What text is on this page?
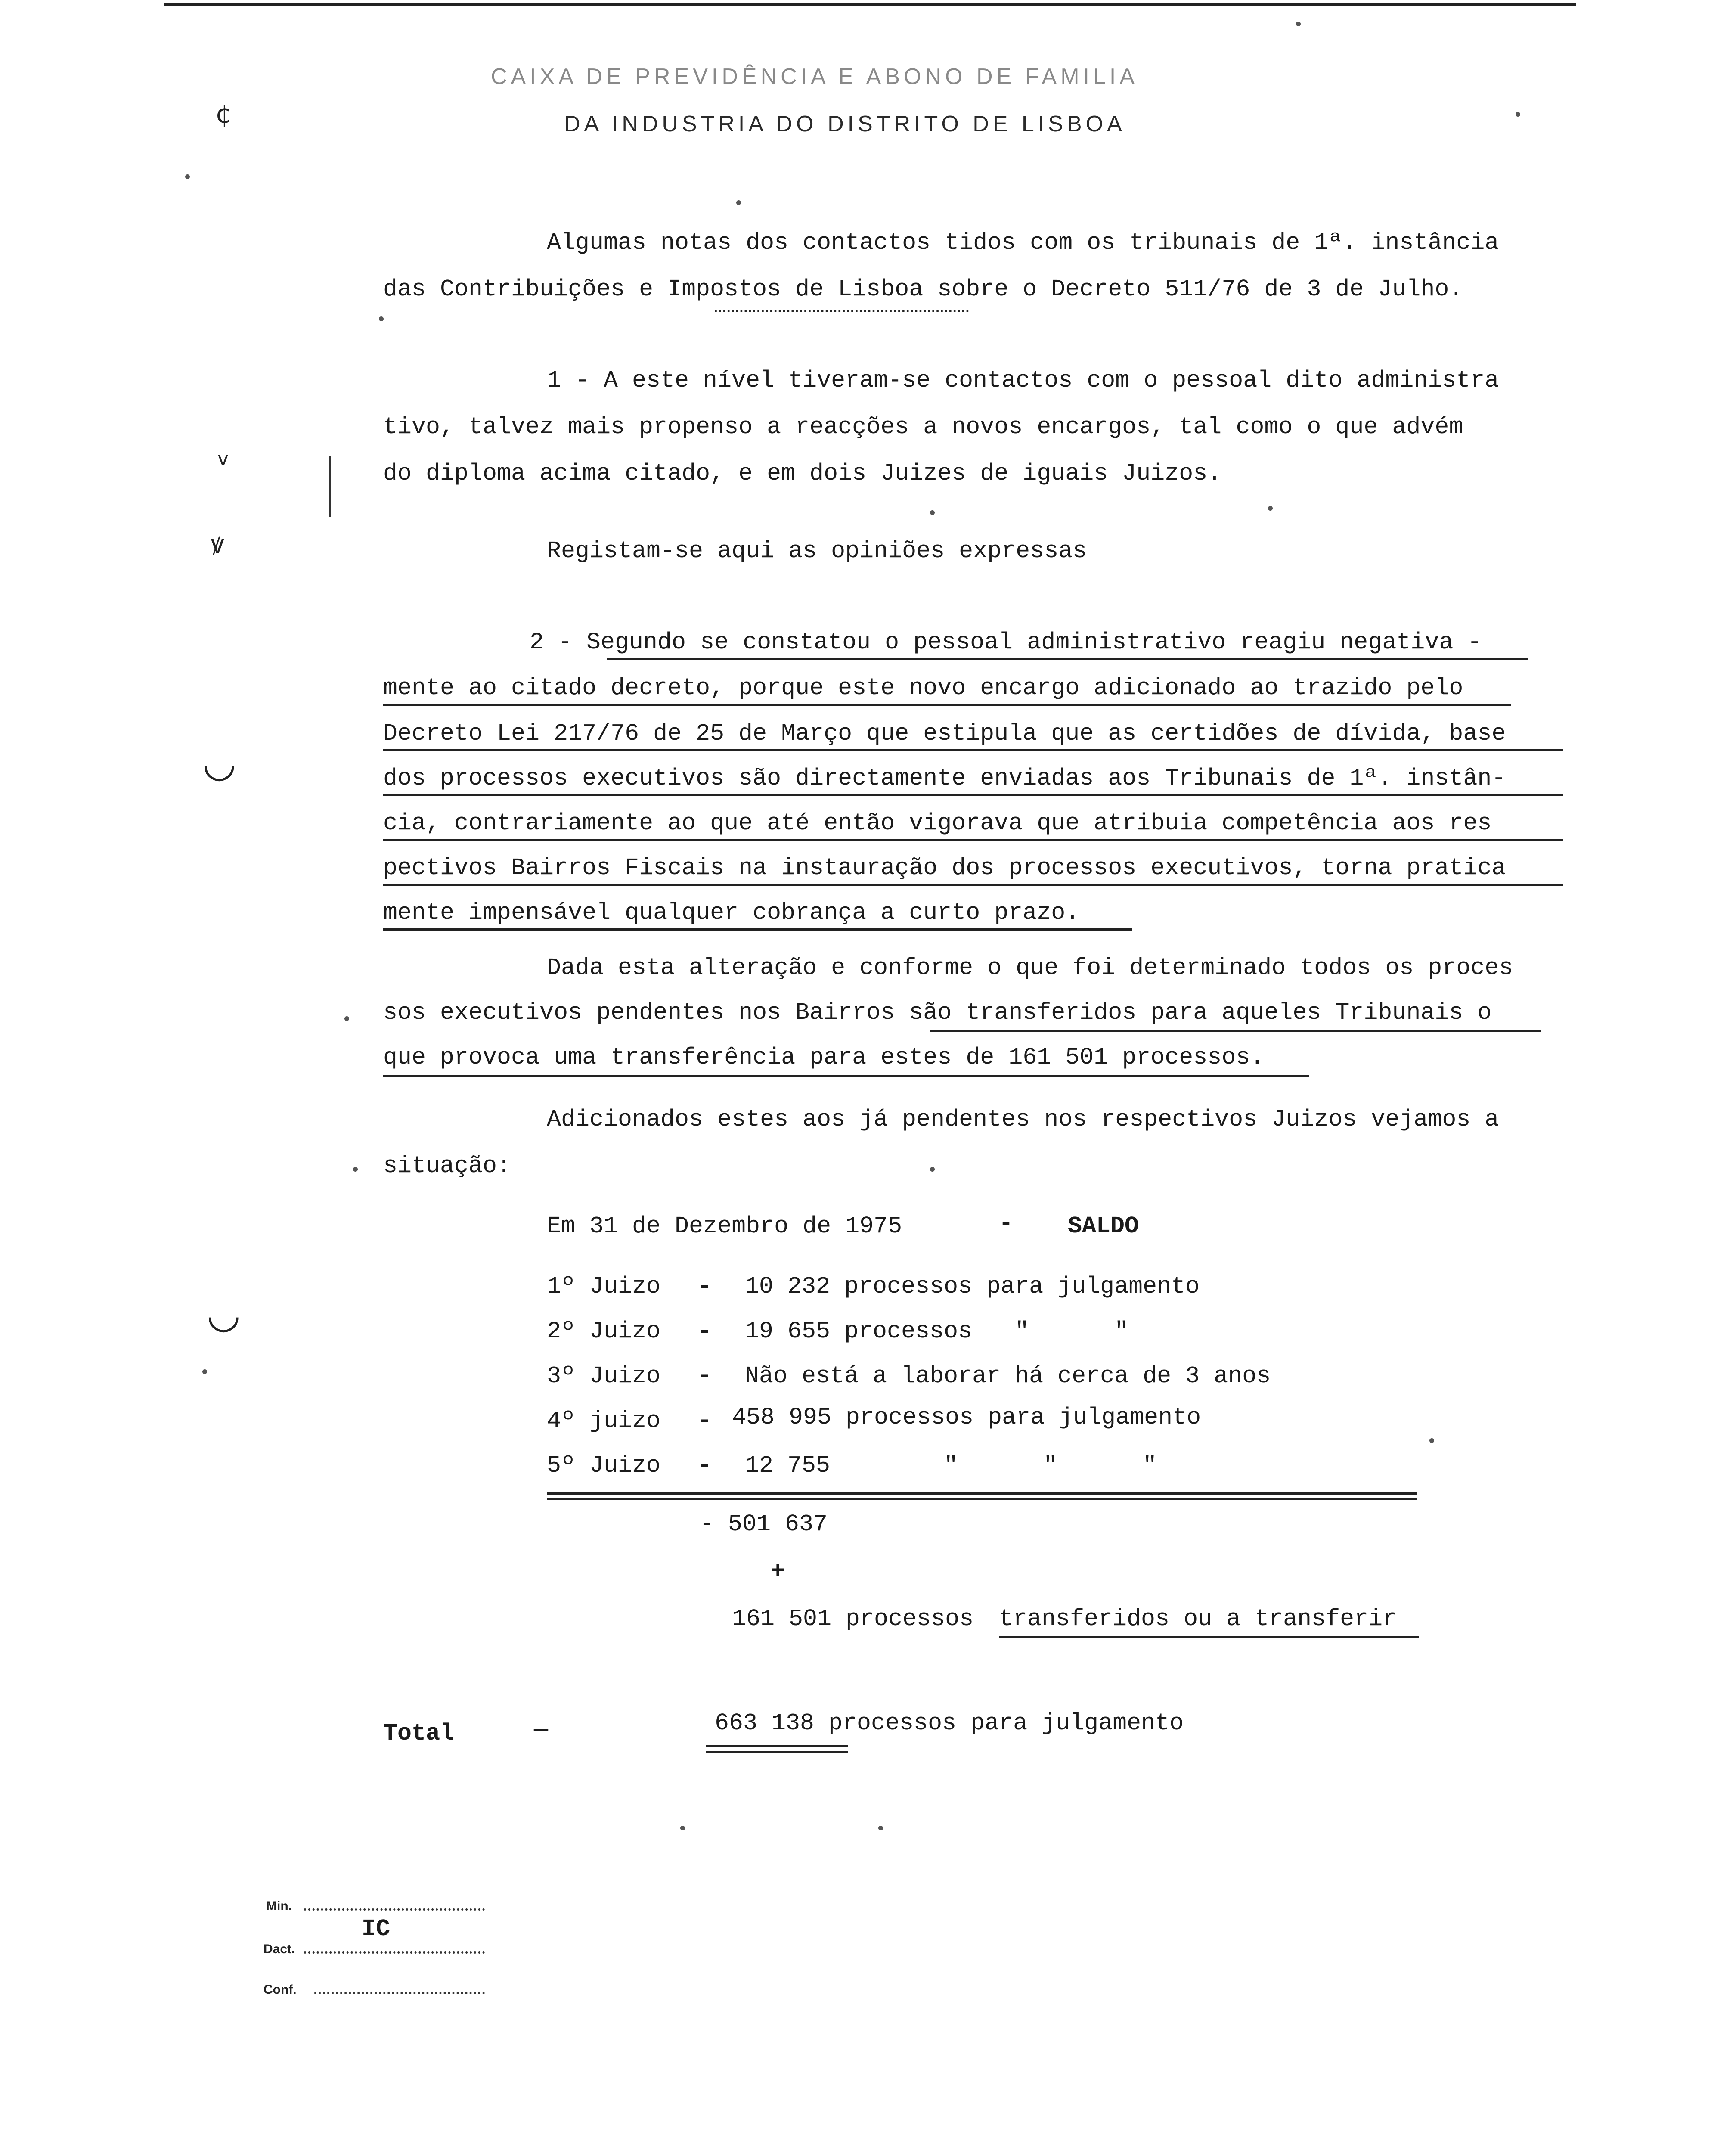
CAIXA DE PREVIDÊNCIA E ABONO DE FAMILIA
DA INDUSTRIA DO DISTRITO DE LISBOA
Algumas notas dos contactos tidos com os tribunais de 1ª. instância
das Contribuições e Impostos de Lisboa sobre o Decreto 511/76 de 3 de Julho.
1 - A este nível tiveram-se contactos com o pessoal dito administra
tivo, talvez mais propenso a reacções a novos encargos, tal como o que advém
do diploma acima citado, e em dois Juizes de iguais Juizos.
Registam-se aqui as opiniões expressas
2 - Segundo se constatou o pessoal administrativo reagiu negativa -
mente ao citado decreto, porque este novo encargo adicionado ao trazido pelo
Decreto Lei 217/76 de 25 de Março que estipula que as certidões de dívida, base
dos processos executivos são directamente enviadas aos Tribunais de 1ª. instân-
cia, contrariamente ao que até então vigorava que atribuia competência aos res
pectivos Bairros Fiscais na instauração dos processos executivos, torna pratica
mente impensável qualquer cobrança a curto prazo.
Dada esta alteração e conforme o que foi determinado todos os proces
sos executivos pendentes nos Bairros são transferidos para aqueles Tribunais o
que provoca uma transferência para estes de 161 501 processos.
Adicionados estes aos já pendentes nos respectivos Juizos vejamos a
situação:
Em 31 de Dezembro de 1975	- SALDO
1º Juizo - 10 232 processos para julgamento
2º Juizo - 19 655 processos   "      "
3º Juizo - Não está a laborar há cerca de 3 anos
4º juizo - 458 995 processos para julgamento
5º Juizo - 12 755        "      "      "
- 501 637
+
161 501 processos transferidos ou a transferir
Total	—	663 138 processos para julgamento
Min.
Dact.
IC
Conf.
¢
v
ꝟ
◡
◡
